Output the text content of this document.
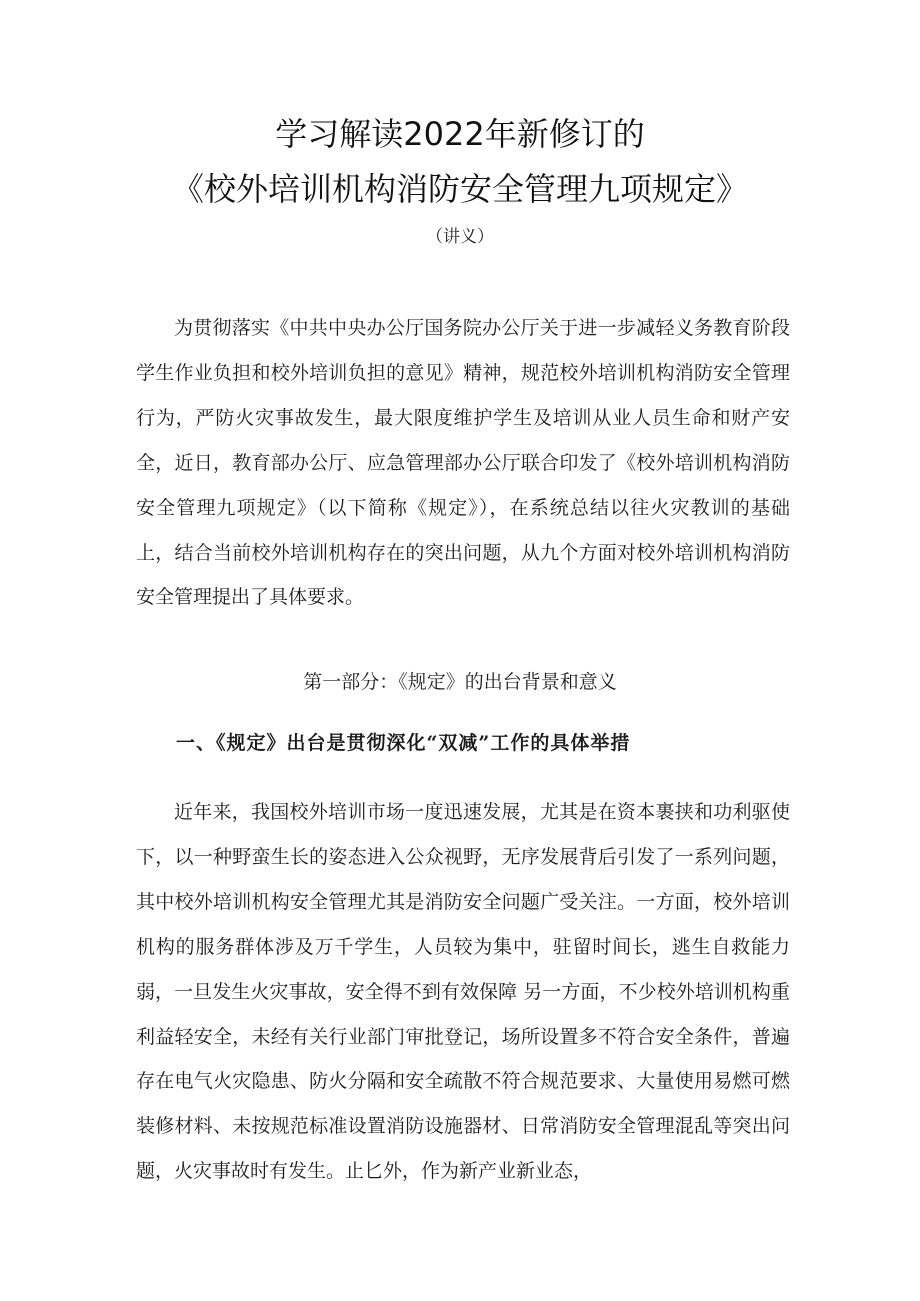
学习解读2022年新修订的
《校外培训机构消防安全管理九项规定》
（讲义）

为贯彻落实《中共中央办公厅国务院办公厅关于进一步减轻义务教育阶段学生作业负担和校外培训负担的意见》精神，规范校外培训机构消防安全管理行为，严防火灾事故发生，最大限度维护学生及培训从业人员生命和财产安全，近日，教育部办公厅、应急管理部办公厅联合印发了《校外培训机构消防安全管理九项规定》（以下简称《规定》），在系统总结以往火灾教训的基础上，结合当前校外培训机构存在的突出问题，从九个方面对校外培训机构消防安全管理提出了具体要求。

第一部分：《规定》的出台背景和意义
一、《规定》出台是贯彻深化“双减”工作的具体举措

近年来，我国校外培训市场一度迅速发展，尤其是在资本裹挟和功利驱使下，以一种野蛮生长的姿态进入公众视野，无序发展背后引发了一系列问题，其中校外培训机构安全管理尤其是消防安全问题广受关注。一方面，校外培训机构的服务群体涉及万千学生，人员较为集中，驻留时间长，逃生自救能力弱，一旦发生火灾事故，安全得不到有效保障 另一方面，不少校外培训机构重利益轻安全，未经有关行业部门审批登记，场所设置多不符合安全条件，普遍存在电气火灾隐患、防火分隔和安全疏散不符合规范要求、大量使用易燃可燃装修材料、未按规范标准设置消防设施器材、日常消防安全管理混乱等突出问题，火灾事故时有发生。止匕外，作为新产业新业态，
